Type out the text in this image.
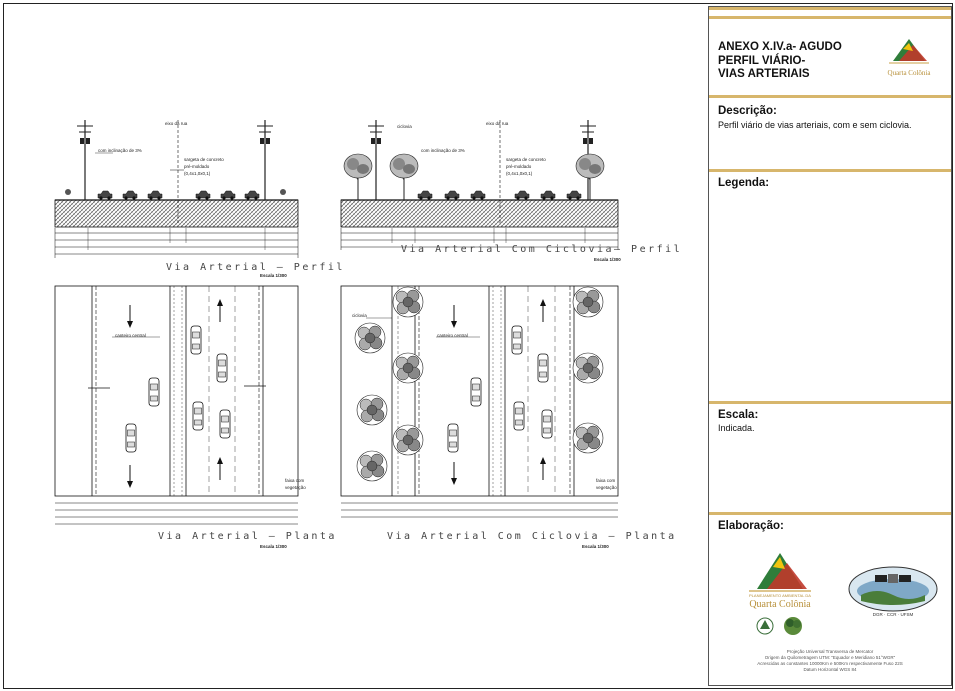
eixo da rua
com inclinação de 3%
sargeta de concreto
pré-moldado
(0,4x1,0x0,1)
ciclovia
eixo da rua
com inclinação de 3%
sargeta de concreto
pré-moldado
(0,4x1,0x0,1)
canteiro central
faixa com
vegetação
ciclovia
canteiro central
faixa com
vegetação
Via Arterial — Perfil
Escala 1/300
Via Arterial Com Ciclovia— Perfil
Escala 1/300
Via Arterial — Planta
Escala 1/300
Via Arterial Com Ciclovia — Planta
Escala 1/300
ANEXO X.IV.a- AGUDO
PERFIL VIÁRIO-
VIAS ARTERIAIS	Quarta Colônia
Descrição:
Perfil viário de vias arteriais, com e sem ciclovia.
Legenda:
Escala:
Indicada.
Elaboração:
PLANEJAMENTO AMBIENTAL DA
Quarta Colônia
DGR · CCR · UFSM
Projeção Universal Transversa de Mercator
Origem da Quilometragem UTM: "Equador e Meridiano 51°WGR"
Acrescidas as constantes 10000Km e 500Km respectivamente Fuso 22S
Datum Horizontal WGS 84
